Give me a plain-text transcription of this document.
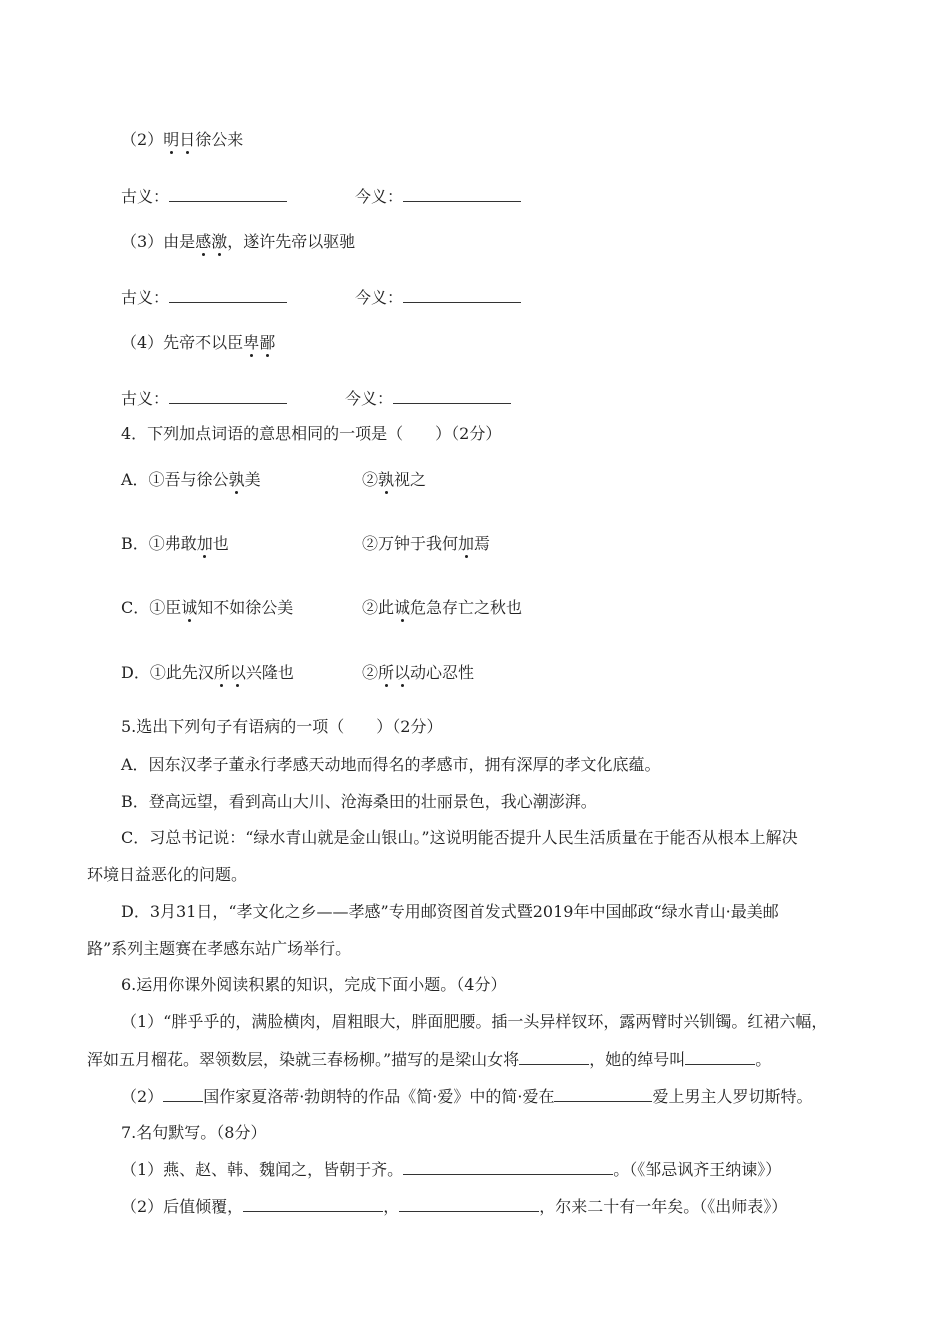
（2）明日徐公来
古义：	今义：
（3）由是感激，遂许先帝以驱驰
古义：	今义：
（4）先帝不以臣卑鄙
古义：	今义：
4．下列加点词语的意思相同的一项是（　　）（2分）
A．①吾与徐公孰美	②孰视之
B．①弗敢加也	②万钟于我何加焉
C．①臣诚知不如徐公美	②此诚危急存亡之秋也
D．①此先汉所以兴隆也	②所以动心忍性
5.选出下列句子有语病的一项（　　）（2分）
A．因东汉孝子董永行孝感天动地而得名的孝感市，拥有深厚的孝文化底蕴。
B．登高远望，看到高山大川、沧海桑田的壮丽景色，我心潮澎湃。
C．习总书记说：“绿水青山就是金山银山。”这说明能否提升人民生活质量在于能否从根本上解决
环境日益恶化的问题。
D．3月31日，“孝文化之乡——孝感”专用邮资图首发式暨2019年中国邮政“绿水青山·最美邮
路”系列主题赛在孝感东站广场举行。
6.运用你课外阅读积累的知识，完成下面小题。（4分）
（1）“胖乎乎的，满脸横肉，眉粗眼大，胖面肥腰。插一头异样钗环，露两臂时兴钏镯。红裙六幅，
浑如五月榴花。翠领数层，染就三春杨柳。”描写的是梁山女将	，她的绰号叫	。
（2）	国作家夏洛蒂·勃朗特的作品《简·爱》中的简·爱在	爱上男主人罗切斯特。
7.名句默写。（8分）
（1）燕、赵、韩、魏闻之，皆朝于齐。	。（《邹忌讽齐王纳谏》）
（2）后值倾覆，	，	，尔来二十有一年矣。（《出师表》）
